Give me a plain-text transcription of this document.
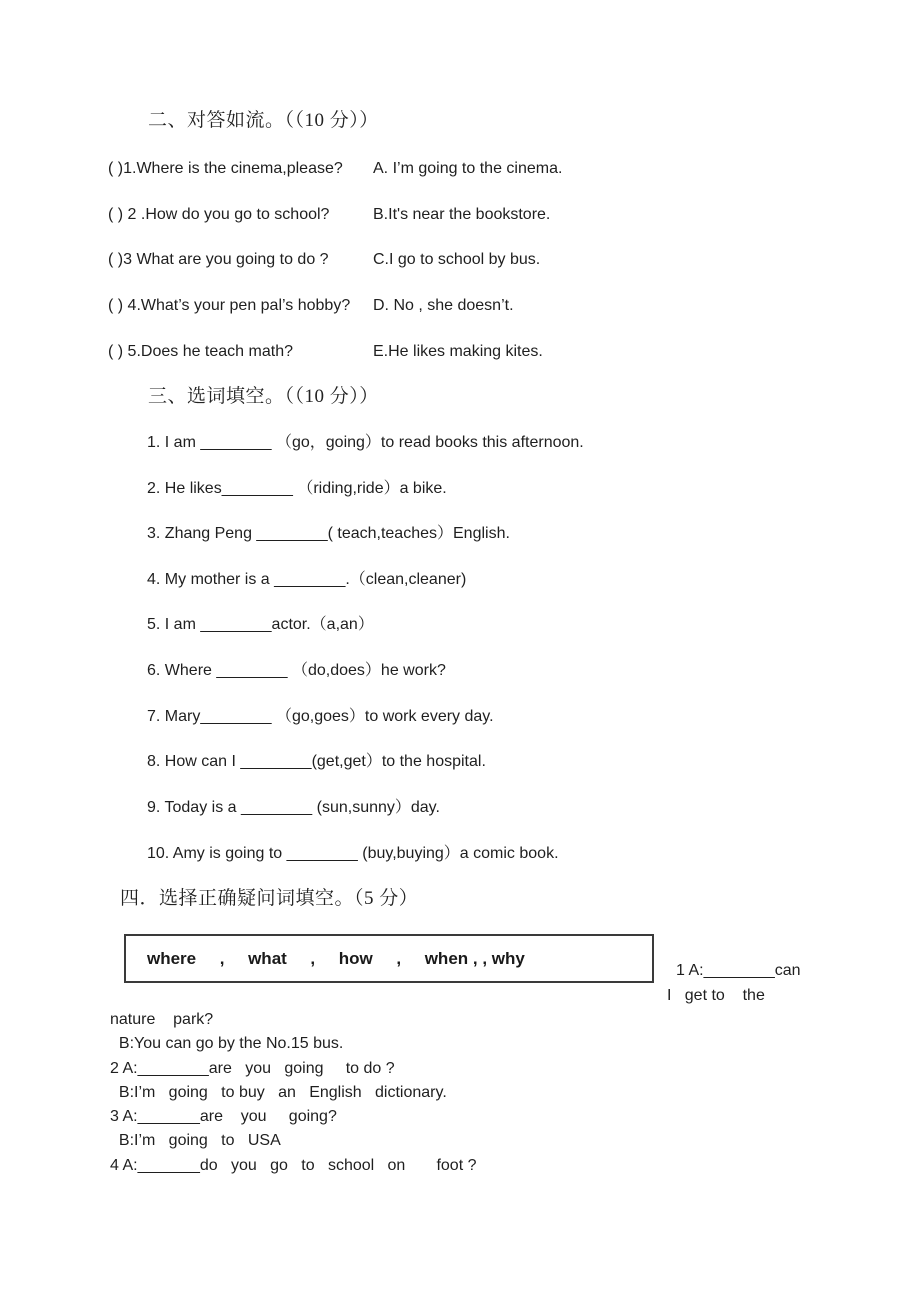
二、对答如流。（（10 分））
( )1.Where is the cinema,please?	A. I’m going to the cinema.
( ) 2 .How do you go to school?	B.It's near the bookstore.
( )3 What are you going to do ?	C.I go to school by bus.
( ) 4.What’s your pen pal’s hobby?	D. No , she doesn’t.
( ) 5.Does he teach math?	E.He likes making kites.
三、选词填空。（（10 分））
1. I am ________ （go，going）to read books this afternoon.
2. He likes________ （riding,ride）a bike.
3. Zhang Peng ________( teach,teaches）English.
4. My mother is a ________.（clean,cleaner)
5. I am ________actor.（a,an）
6. Where ________ （do,does）he work?
7. Mary________ （go,goes）to work every day.
8. How can I ________(get,get）to the hospital.
9. Today is a ________ (sun,sunny）day.
10. Amy is going to ________ (buy,buying）a comic book.
四．选择正确疑问词填空。（5 分）
where     ,     what     ,     how     ,     when , , why
1 A:________can
I   get to    the
nature    park?
B:You can go by the No.15 bus.
2 A:________are   you   going     to do ?
B:I’m   going   to buy   an   English   dictionary.
3 A:_______are    you     going?
B:I’m   going   to   USA
4 A:_______do   you   go   to   school   on       foot ?
